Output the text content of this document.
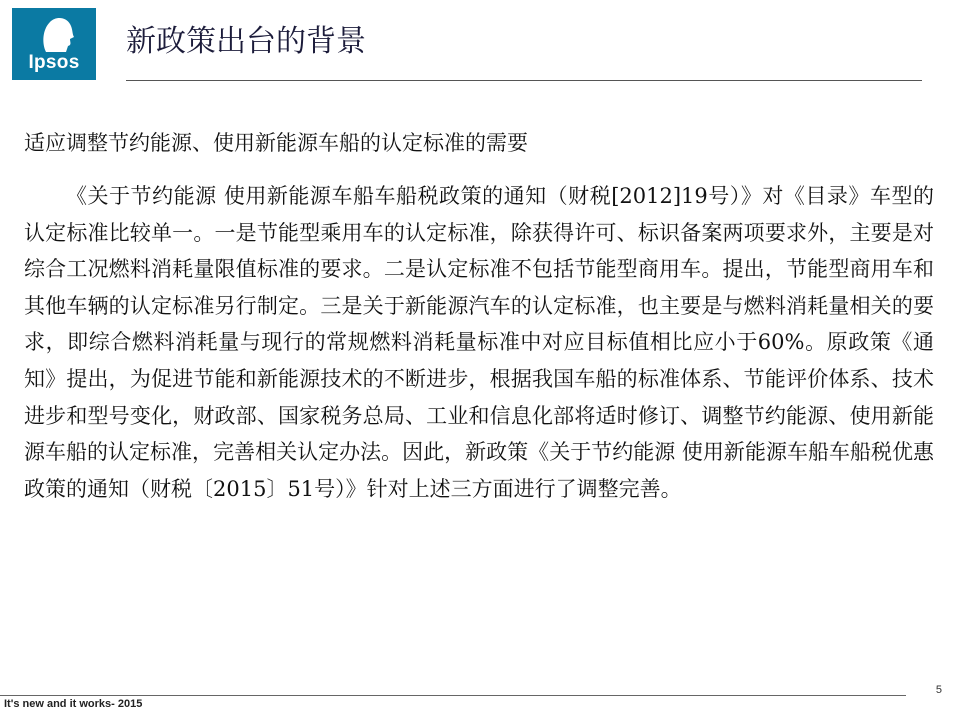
Ipsos
新政策出台的背景
适应调整节约能源、使用新能源车船的认定标准的需要
《关于节约能源 使用新能源车船车船税政策的通知（财税[2012]19号）》对《目录》车型的认定标准比较单一。一是节能型乘用车的认定标准，除获得许可、标识备案两项要求外，主要是对综合工况燃料消耗量限值标准的要求。二是认定标准不包括节能型商用车。提出，节能型商用车和其他车辆的认定标准另行制定。三是关于新能源汽车的认定标准，也主要是与燃料消耗量相关的要求，即综合燃料消耗量与现行的常规燃料消耗量标准中对应目标值相比应小于60%。原政策《通知》提出，为促进节能和新能源技术的不断进步，根据我国车船的标准体系、节能评价体系、技术进步和型号变化，财政部、国家税务总局、工业和信息化部将适时修订、调整节约能源、使用新能源车船的认定标准，完善相关认定办法。因此，新政策《关于节约能源 使用新能源车船车船税优惠政策的通知（财税〔2015〕51号）》针对上述三方面进行了调整完善。
It's new and it works- 2015
5
